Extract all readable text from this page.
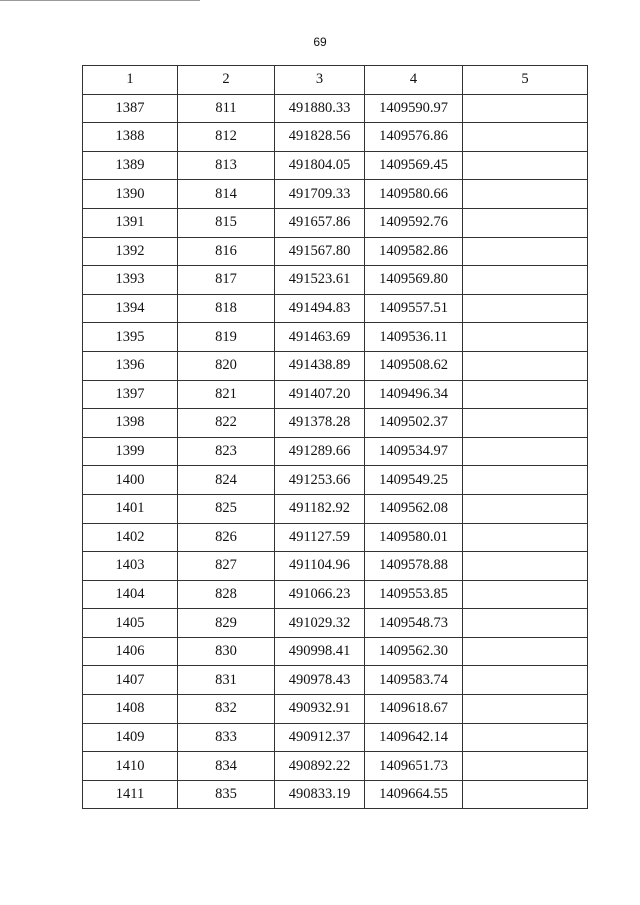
69
1	2	3	4	5
1387	811	491880.33	1409590.97	
1388	812	491828.56	1409576.86	
1389	813	491804.05	1409569.45	
1390	814	491709.33	1409580.66	
1391	815	491657.86	1409592.76	
1392	816	491567.80	1409582.86	
1393	817	491523.61	1409569.80	
1394	818	491494.83	1409557.51	
1395	819	491463.69	1409536.11	
1396	820	491438.89	1409508.62	
1397	821	491407.20	1409496.34	
1398	822	491378.28	1409502.37	
1399	823	491289.66	1409534.97	
1400	824	491253.66	1409549.25	
1401	825	491182.92	1409562.08	
1402	826	491127.59	1409580.01	
1403	827	491104.96	1409578.88	
1404	828	491066.23	1409553.85	
1405	829	491029.32	1409548.73	
1406	830	490998.41	1409562.30	
1407	831	490978.43	1409583.74	
1408	832	490932.91	1409618.67	
1409	833	490912.37	1409642.14	
1410	834	490892.22	1409651.73	
1411	835	490833.19	1409664.55	
